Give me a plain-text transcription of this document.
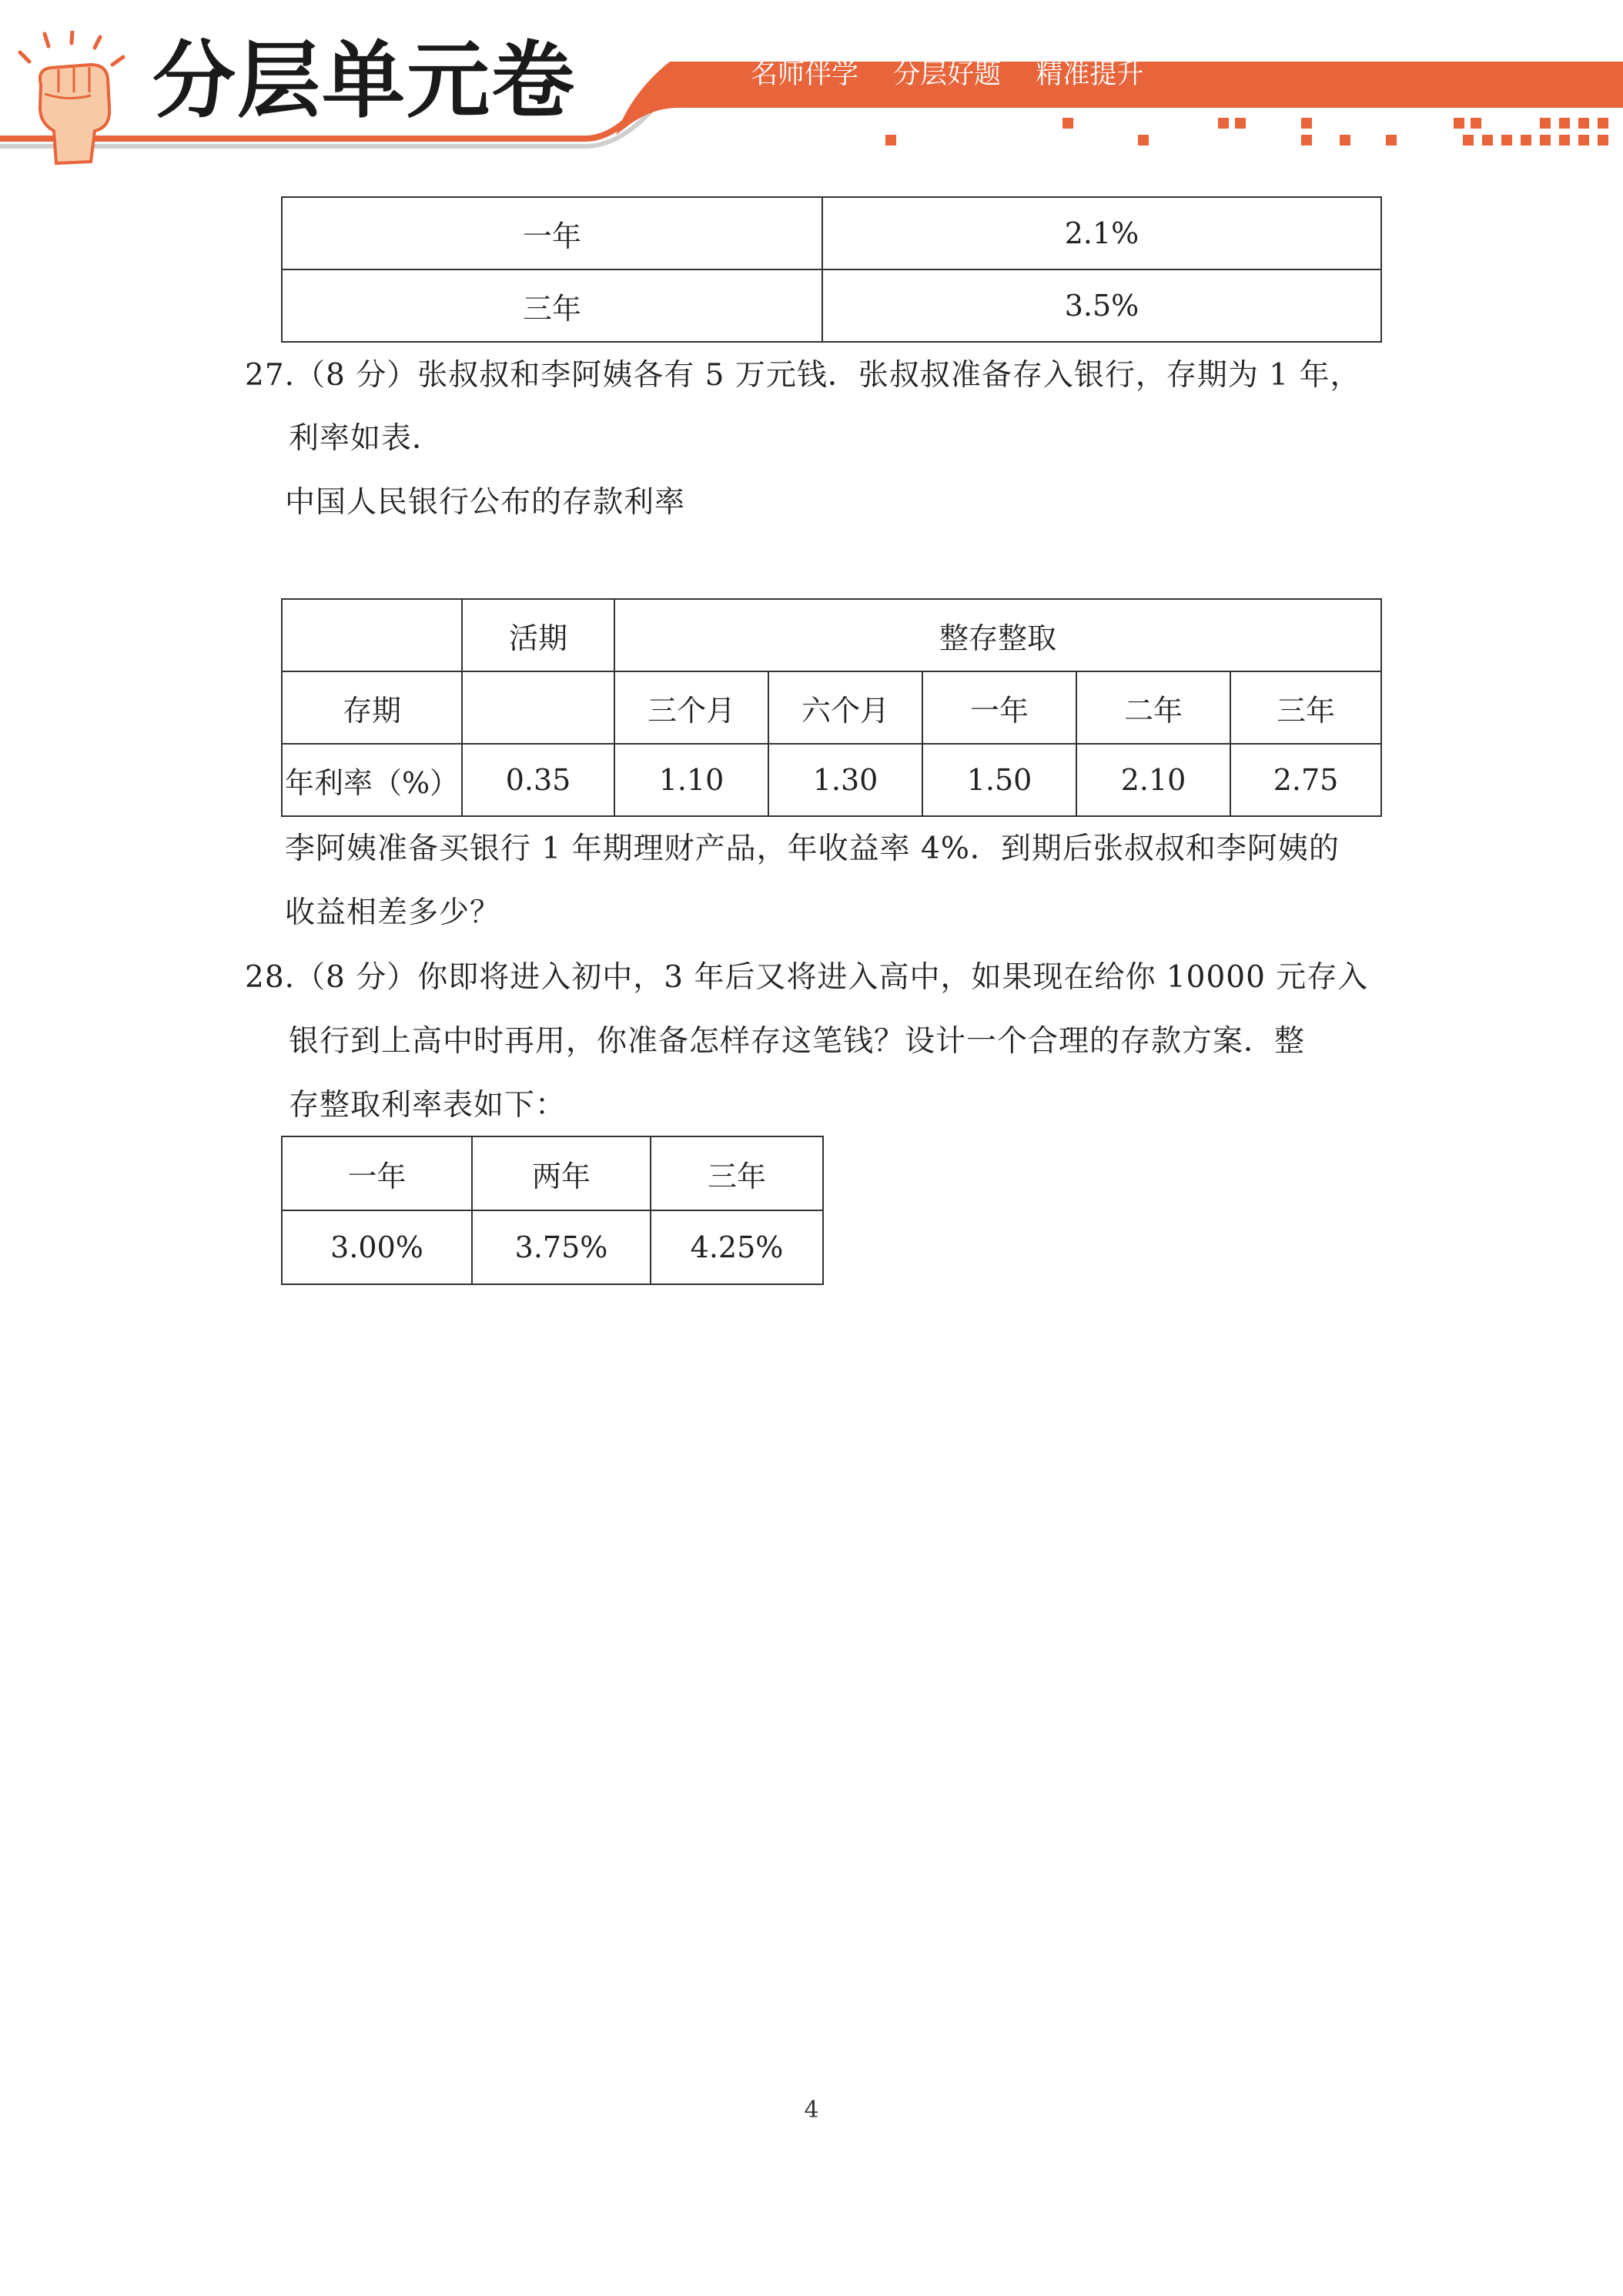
分层单元卷	名师伴学 分层好题 精准提升
一年	2.1%
三年	3.5%
27.（8 分）张叔叔和李阿姨各有 5 万元钱．张叔叔准备存入银行，存期为 1 年，
利率如表．
中国人民银行公布的存款利率
	活期	整存整取				
存期		三个月	六个月	一年	二年	三年
年利率（%）	0.35	1.10	1.30	1.50	2.10	2.75
李阿姨准备买银行 1 年期理财产品，年收益率 4%．到期后张叔叔和李阿姨的
收益相差多少？
28.（8 分）你即将进入初中，3 年后又将进入高中，如果现在给你 10000 元存入
银行到上高中时再用，你准备怎样存这笔钱？设计一个合理的存款方案．整
存整取利率表如下：
一年	两年	三年
3.00%	3.75%	4.25%
4
